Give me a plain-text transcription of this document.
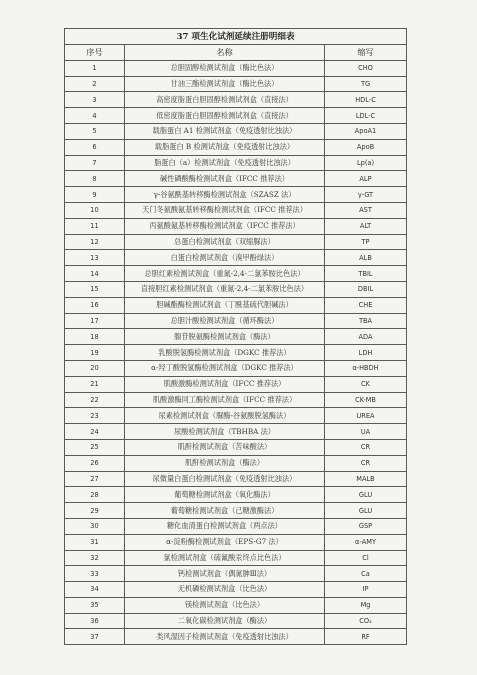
37 项生化试剂延续注册明细表		
序号	名称	缩写
1	总胆固醇检测试剂盒（酶比色法）	CHO
2	甘油三酯检测试剂盒（酶比色法）	TG
3	高密度脂蛋白胆固醇检测试剂盒（直接法）	HDL-C
4	低密度脂蛋白胆固醇检测试剂盒（直接法）	LDL-C
5	载脂蛋白 A1 检测试剂盒（免疫透射比浊法）	ApoA1
6	载脂蛋白 B 检测试剂盒（免疫透射比浊法）	ApoB
7	脂蛋白（a）检测试剂盒（免疫透射比浊法）	Lp(a)
8	碱性磷酸酶检测试剂盒（IFCC 推荐法）	ALP
9	γ-谷氨酰基转移酶检测试剂盒（SZASZ 法）	γ-GT
10	天门冬氨酸氨基转移酶检测试剂盒（IFCC 推荐法）	AST
11	丙氨酸氨基转移酶检测试剂盒（IFCC 推荐法）	ALT
12	总蛋白检测试剂盒（双缩脲法）	TP
13	白蛋白检测试剂盒（溴甲酚绿法）	ALB
14	总胆红素检测试剂盒（重氮-2,4-二氯苯胺比色法）	TBIL
15	直接胆红素检测试剂盒（重氮-2,4-二氯苯胺比色法）	DBIL
16	胆碱酯酶检测试剂盒（丁酰基硫代胆碱法）	CHE
17	总胆汁酸检测试剂盒（循环酶法）	TBA
18	腺苷脱氨酶检测试剂盒（酶法）	ADA
19	乳酸脱氢酶检测试剂盒（DGKC 推荐法）	LDH
20	α-羟丁酸脱氢酶检测试剂盒（DGKC 推荐法）	α-HBDH
21	肌酸激酶检测试剂盒（IFCC 推荐法）	CK
22	肌酸激酶同工酶检测试剂盒（IFCC 推荐法）	CK-MB
23	尿素检测试剂盒（脲酶-谷氨酸脱氢酶法）	UREA
24	尿酸检测试剂盒（TBHBA 法）	UA
25	肌酐检测试剂盒（苦味酸法）	CR
26	肌酐检测试剂盒（酶法）	CR
27	尿微量白蛋白检测试剂盒（免疫透射比浊法）	MALB
28	葡萄糖检测试剂盒（氧化酶法）	GLU
29	葡萄糖检测试剂盒（己糖激酶法）	GLU
30	糖化血清蛋白检测试剂盒（两点法）	GSP
31	α-淀粉酶检测试剂盒（EPS-G7 法）	α-AMY
32	氯检测试剂盒（硫氰酸汞终点比色法）	Cl
33	钙检测试剂盒（偶氮胂Ⅲ法）	Ca
34	无机磷检测试剂盒（比色法）	IP
35	镁检测试剂盒（比色法）	Mg
36	二氧化碳检测试剂盒（酶法）	CO₂
37	类风湿因子检测试剂盒（免疫透射比浊法）	RF
